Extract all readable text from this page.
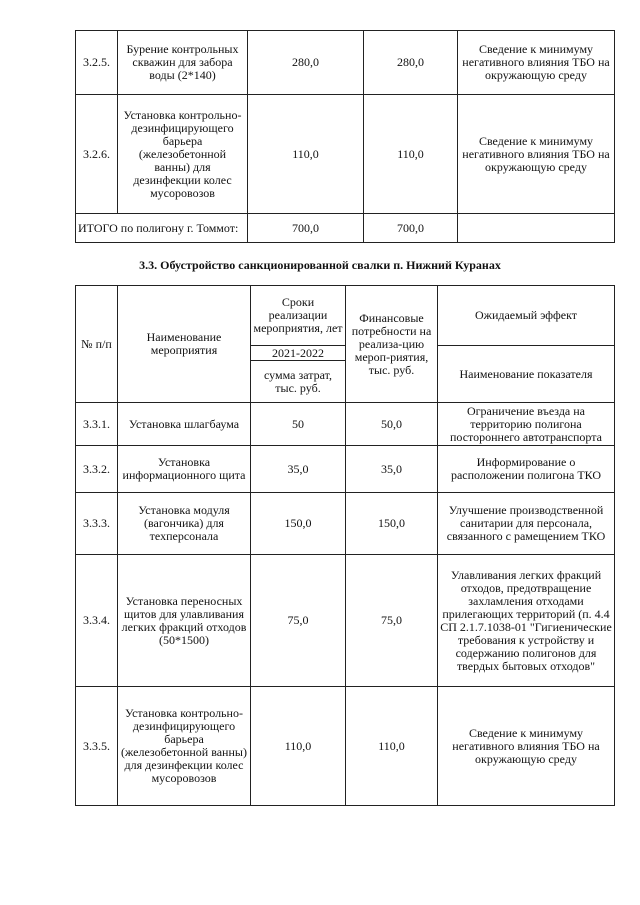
3.2.5.	Бурение контрольных скважин для забора воды (2*140)	280,0	280,0	Сведение к минимуму негативного влияния ТБО на окружающую среду
3.2.6.	Установка контрольно-дезинфицирующего барьера (железобетонной ванны) для дезинфекции колес мусоровозов	110,0	110,0	Сведение к минимуму негативного влияния ТБО на окружающую среду
ИТОГО по полигону г. Томмот:		700,0	700,0	
3.3. Обустройство санкционированной свалки п. Нижний Куранах
№ п/п	Наименование мероприятия	Сроки реализации мероприятия, лет	Финансовые потребности на реализа-цию мероп-риятия, тыс. руб.	Ожидаемый эффект
		2021-2022		Наименование показателя
		сумма затрат, тыс. руб.		
3.3.1.	Установка шлагбаума	50	50,0	Ограничение въезда на территорию полигона постороннего автотранспорта
3.3.2.	Установка информационного щита	35,0	35,0	Информирование о расположении полигона ТКО
3.3.3.	Установка модуля (вагончика) для техперсонала	150,0	150,0	Улучшение производственной санитарии для персонала, связанного с рамещением ТКО
3.3.4.	Установка переносных щитов для улавливания легких фракций отходов (50*1500)	75,0	75,0	Улавливания легких фракций отходов, предотвращение захламления отходами прилегающих территорий (п. 4.4 СП 2.1.7.1038-01 "Гигиенические требования к устройству и содержанию полигонов для твердых бытовых отходов"
3.3.5.	Установка контрольно-дезинфицирующего барьера (железобетонной ванны) для дезинфекции колес мусоровозов	110,0	110,0	Сведение к минимуму негативного влияния ТБО на окружающую среду
